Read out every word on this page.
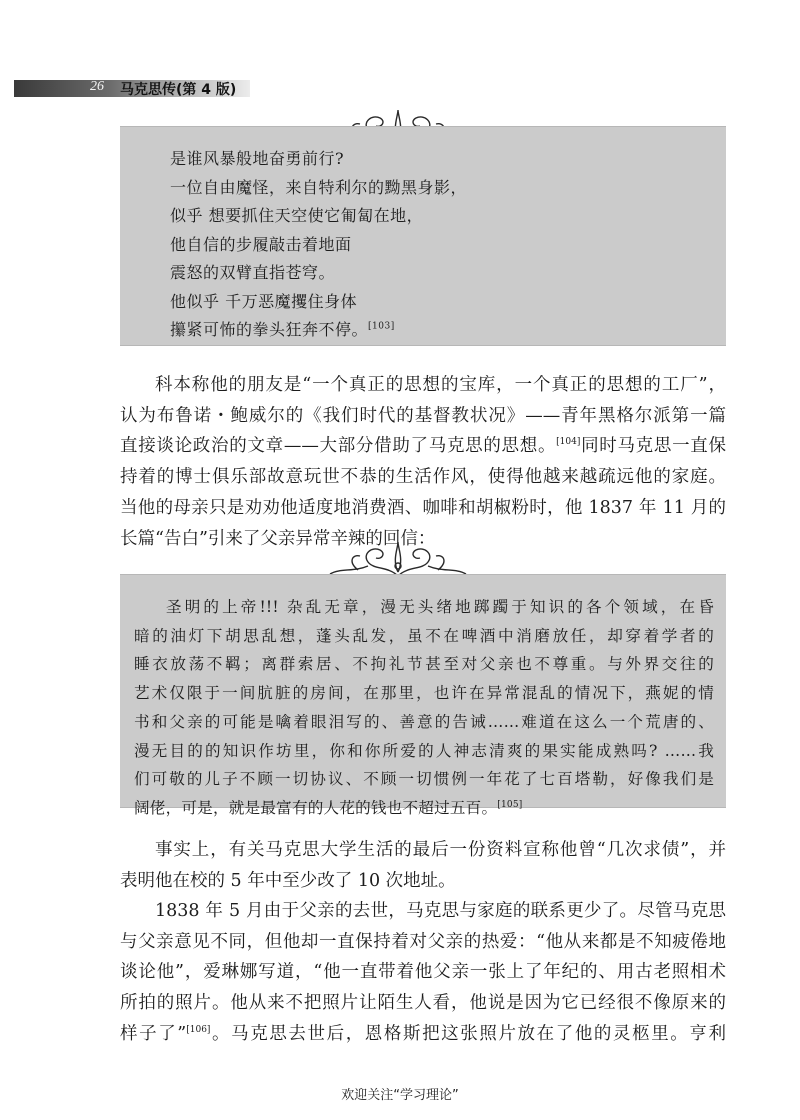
26 马克思传(第 4 版)
是谁风暴般地奋勇前行?
一位自由魔怪，来自特利尔的黝黑身影，
似乎 想要抓住天空使它匍匐在地，
他自信的步履敲击着地面
震怒的双臂直指苍穹。
他似乎 千万恶魔攫住身体
攥紧可怖的拳头狂奔不停。[103]
科本称他的朋友是“一个真正的思想的宝库，一个真正的思想的工厂”，
认为布鲁诺・鲍威尔的《我们时代的基督教状况》——青年黑格尔派第一篇
直接谈论政治的文章——大部分借助了马克思的思想。[104]同时马克思一直保
持着的博士俱乐部故意玩世不恭的生活作风，使得他越来越疏远他的家庭。
当他的母亲只是劝劝他适度地消费酒、咖啡和胡椒粉时，他 1837 年 11 月的
长篇“告白”引来了父亲异常辛辣的回信：
圣明的上帝!!! 杂乱无章，漫无头绪地踯躅于知识的各个领域，在昏
暗的油灯下胡思乱想，蓬头乱发，虽不在啤酒中消磨放任，却穿着学者的
睡衣放荡不羁；离群索居、不拘礼节甚至对父亲也不尊重。与外界交往的
艺术仅限于一间肮脏的房间，在那里，也许在异常混乱的情况下，燕妮的情
书和父亲的可能是噙着眼泪写的、善意的告诫……难道在这么一个荒唐的、
漫无目的的知识作坊里，你和你所爱的人神志清爽的果实能成熟吗? ……我
们可敬的儿子不顾一切协议、不顾一切惯例一年花了七百塔勒，好像我们是
阔佬，可是，就是最富有的人花的钱也不超过五百。[105]
事实上，有关马克思大学生活的最后一份资料宣称他曾“几次求债”，并
表明他在校的 5 年中至少改了 10 次地址。
1838 年 5 月由于父亲的去世，马克思与家庭的联系更少了。尽管马克思
与父亲意见不同，但他却一直保持着对父亲的热爱：“他从来都是不知疲倦地
谈论他”，爱琳娜写道，“他一直带着他父亲一张上了年纪的、用古老照相术
所拍的照片。他从来不把照片让陌生人看，他说是因为它已经很不像原来的
样子了”[106]。马克思去世后，恩格斯把这张照片放在了他的灵柩里。亨利
欢迎关注“学习理论”
